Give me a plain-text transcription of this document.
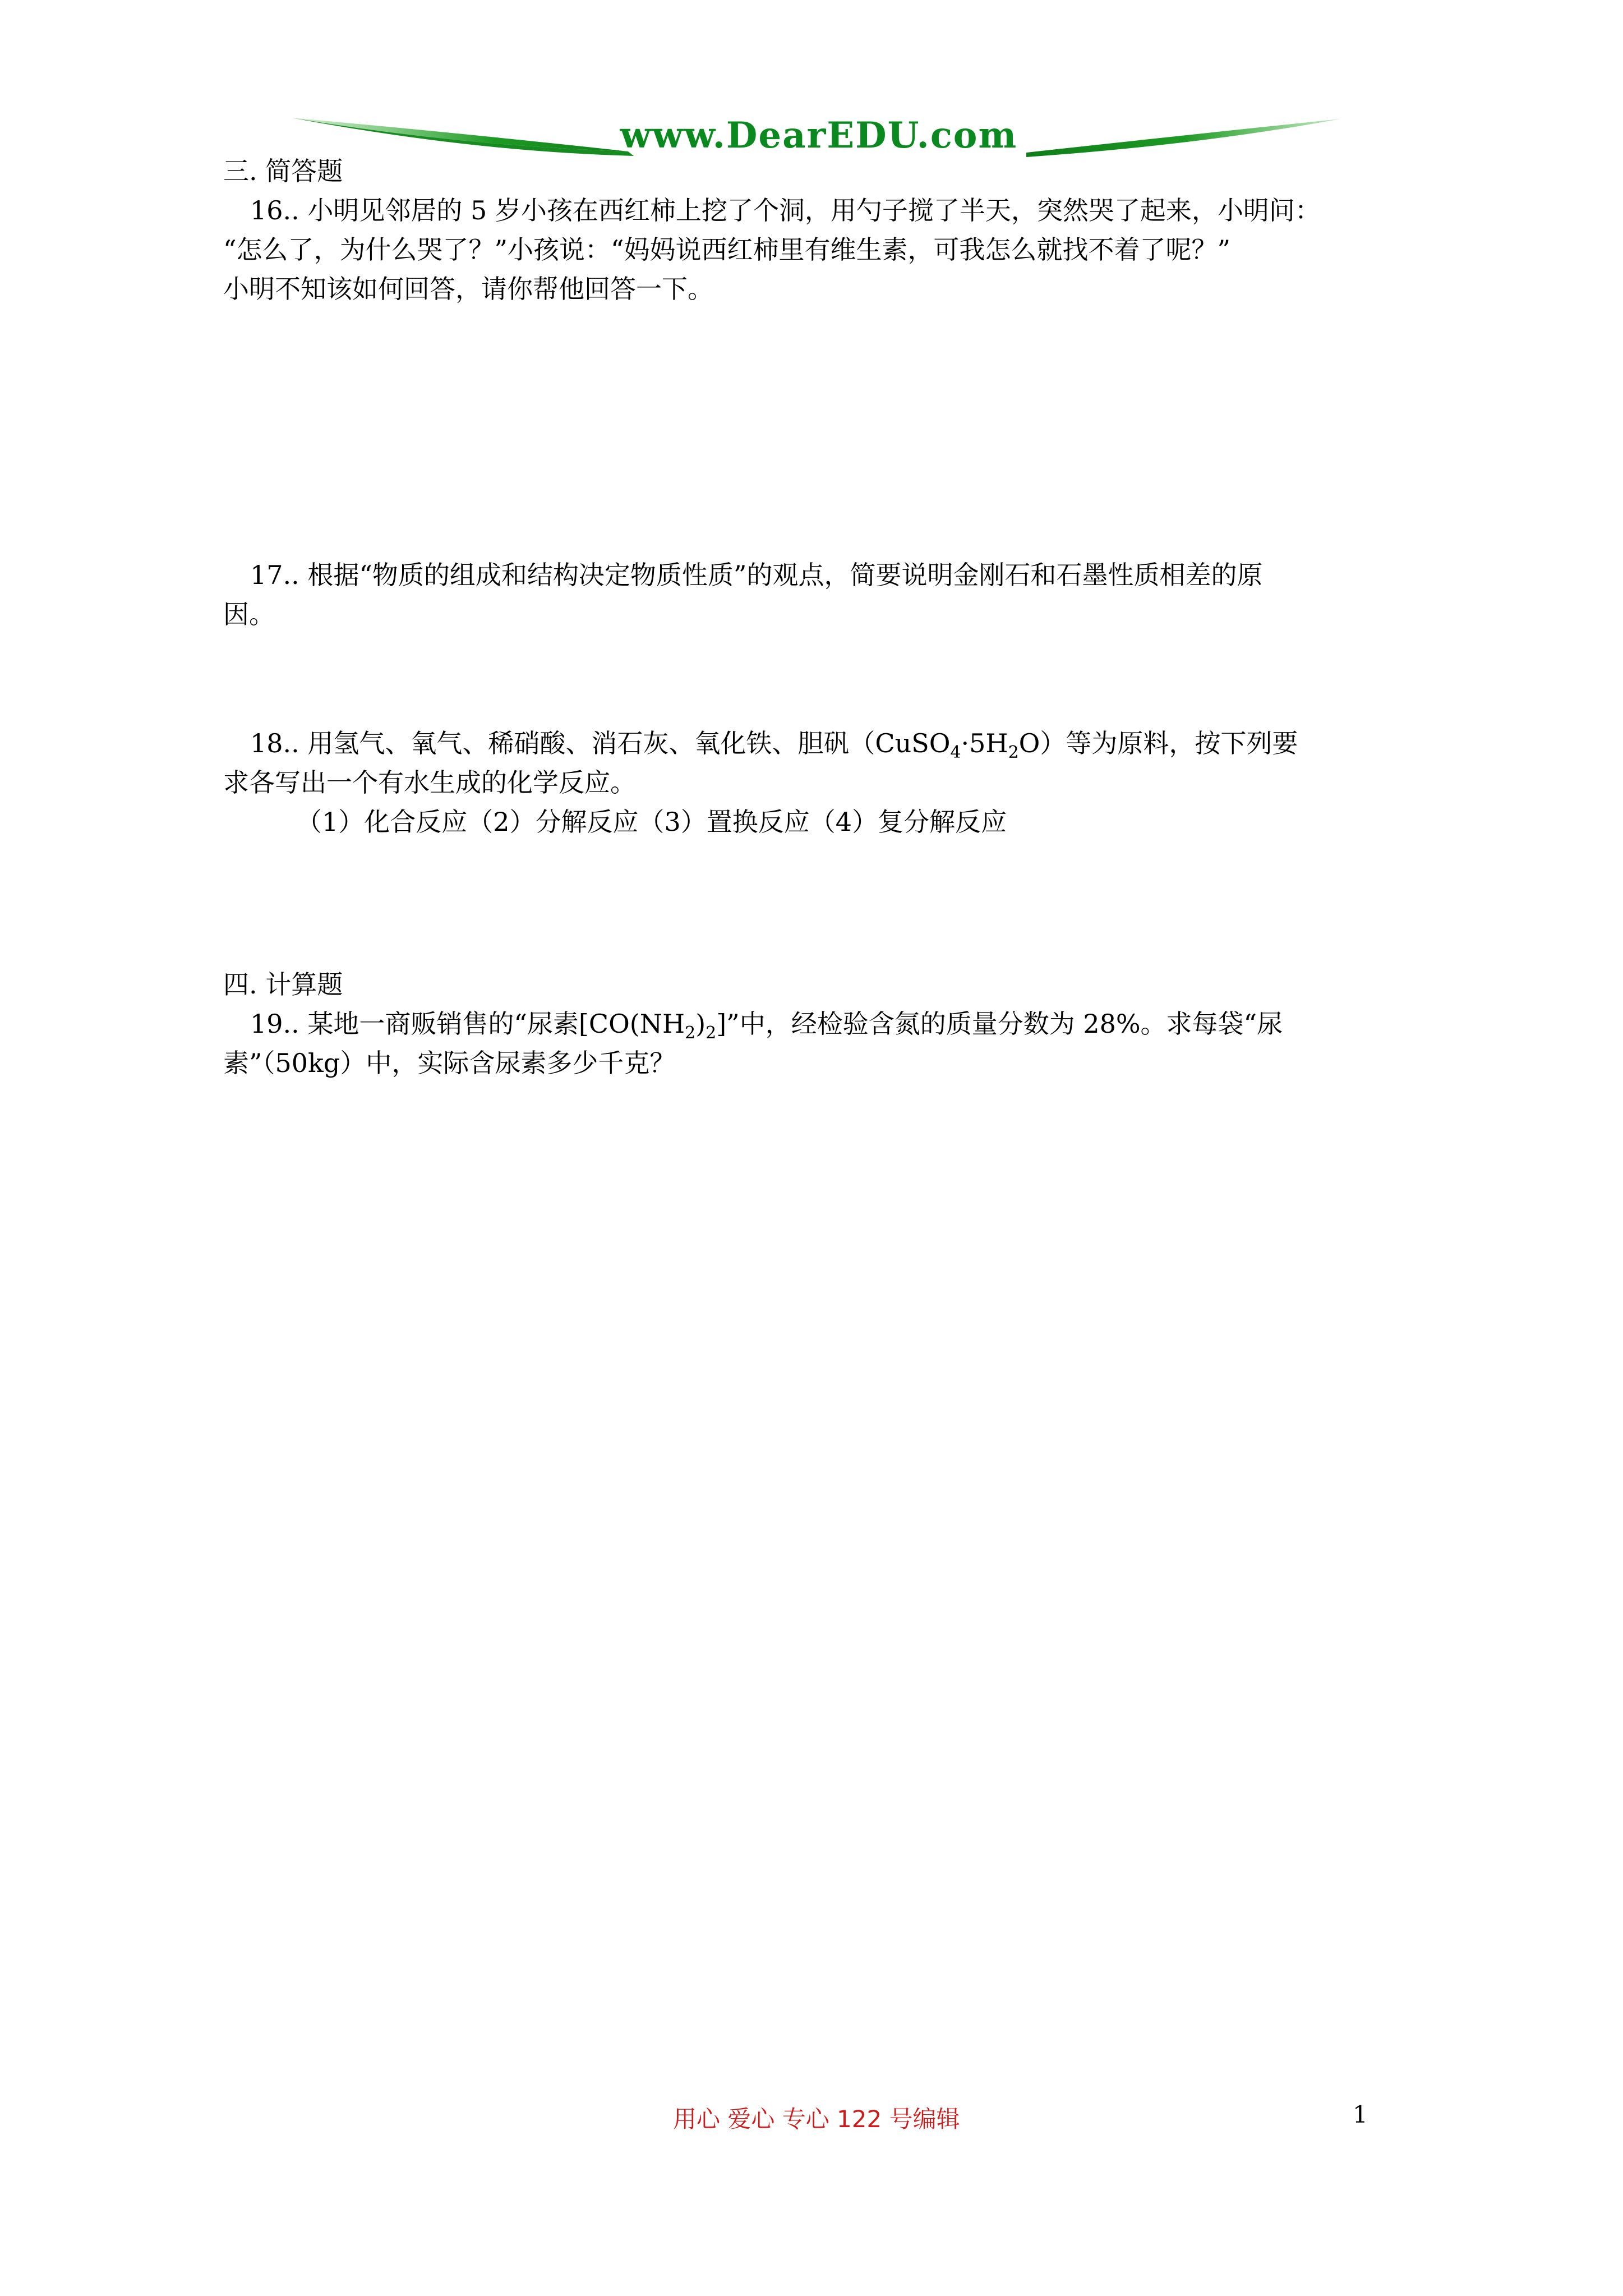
www.DearEDU.com
三. 简答题
16.. 小明见邻居的 5 岁小孩在西红柿上挖了个洞，用勺子搅了半天，突然哭了起来，小明问：
“怎么了，为什么哭了？”小孩说：“妈妈说西红柿里有维生素，可我怎么就找不着了呢？”
小明不知该如何回答，请你帮他回答一下。
17.. 根据“物质的组成和结构决定物质性质”的观点，简要说明金刚石和石墨性质相差的原
因。
18.. 用氢气、氧气、稀硝酸、消石灰、氧化铁、胆矾$(CuSO_4\cdot 5H_2O)$等为原料，按下列要
求各写出一个有水生成的化学反应。
（1）化合反应（2）分解反应（3）置换反应（4）复分解反应
四. 计算题
19.. 某地一商贩销售的“尿素$[CO(NH_2)_2]$”中，经检验含氮的质量分数为 28%。求每袋“尿
素”（50kg）中，实际含尿素多少千克？
用心 爱心 专心 122 号编辑	1
